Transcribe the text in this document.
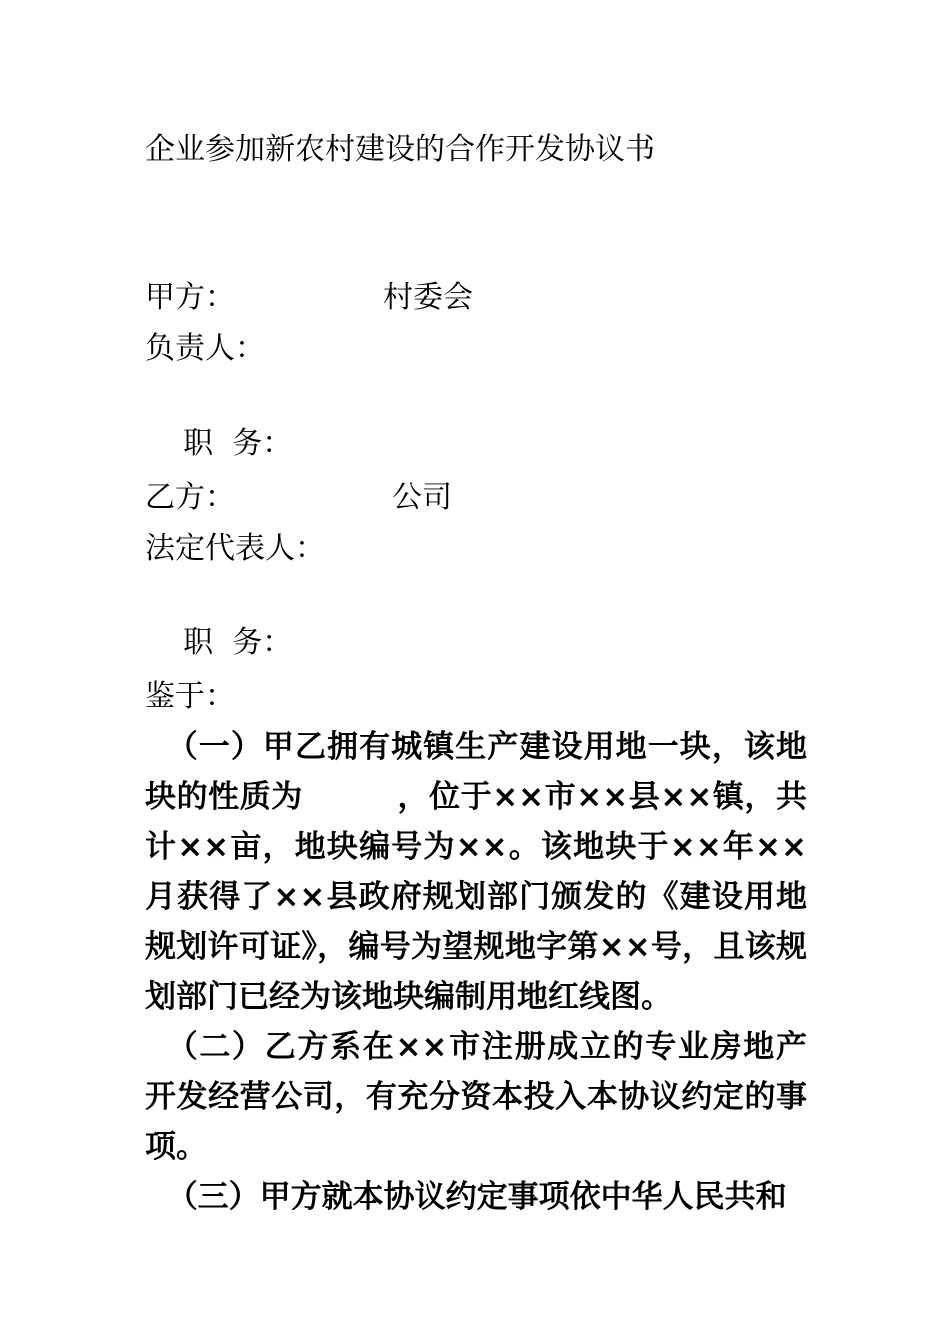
企业参加新农村建设的合作开发协议书
甲方：	村委会
负责人：

职  务：

乙方：	公司
法定代表人：

职  务：

鉴于：

（一）甲乙拥有城镇生产建设用地一块，该地块的性质为　　　，位于××市××县××镇，共计××亩，地块编号为××。该地块于××年××月获得了××县政府规划部门颁发的《建设用地规划许可证》，编号为望规地字第××号，且该规划部门已经为该地块编制用地红线图。

（二）乙方系在××市注册成立的专业房地产开发经营公司，有充分资本投入本协议约定的事项。

（三）甲方就本协议约定事项依中华人民共和
